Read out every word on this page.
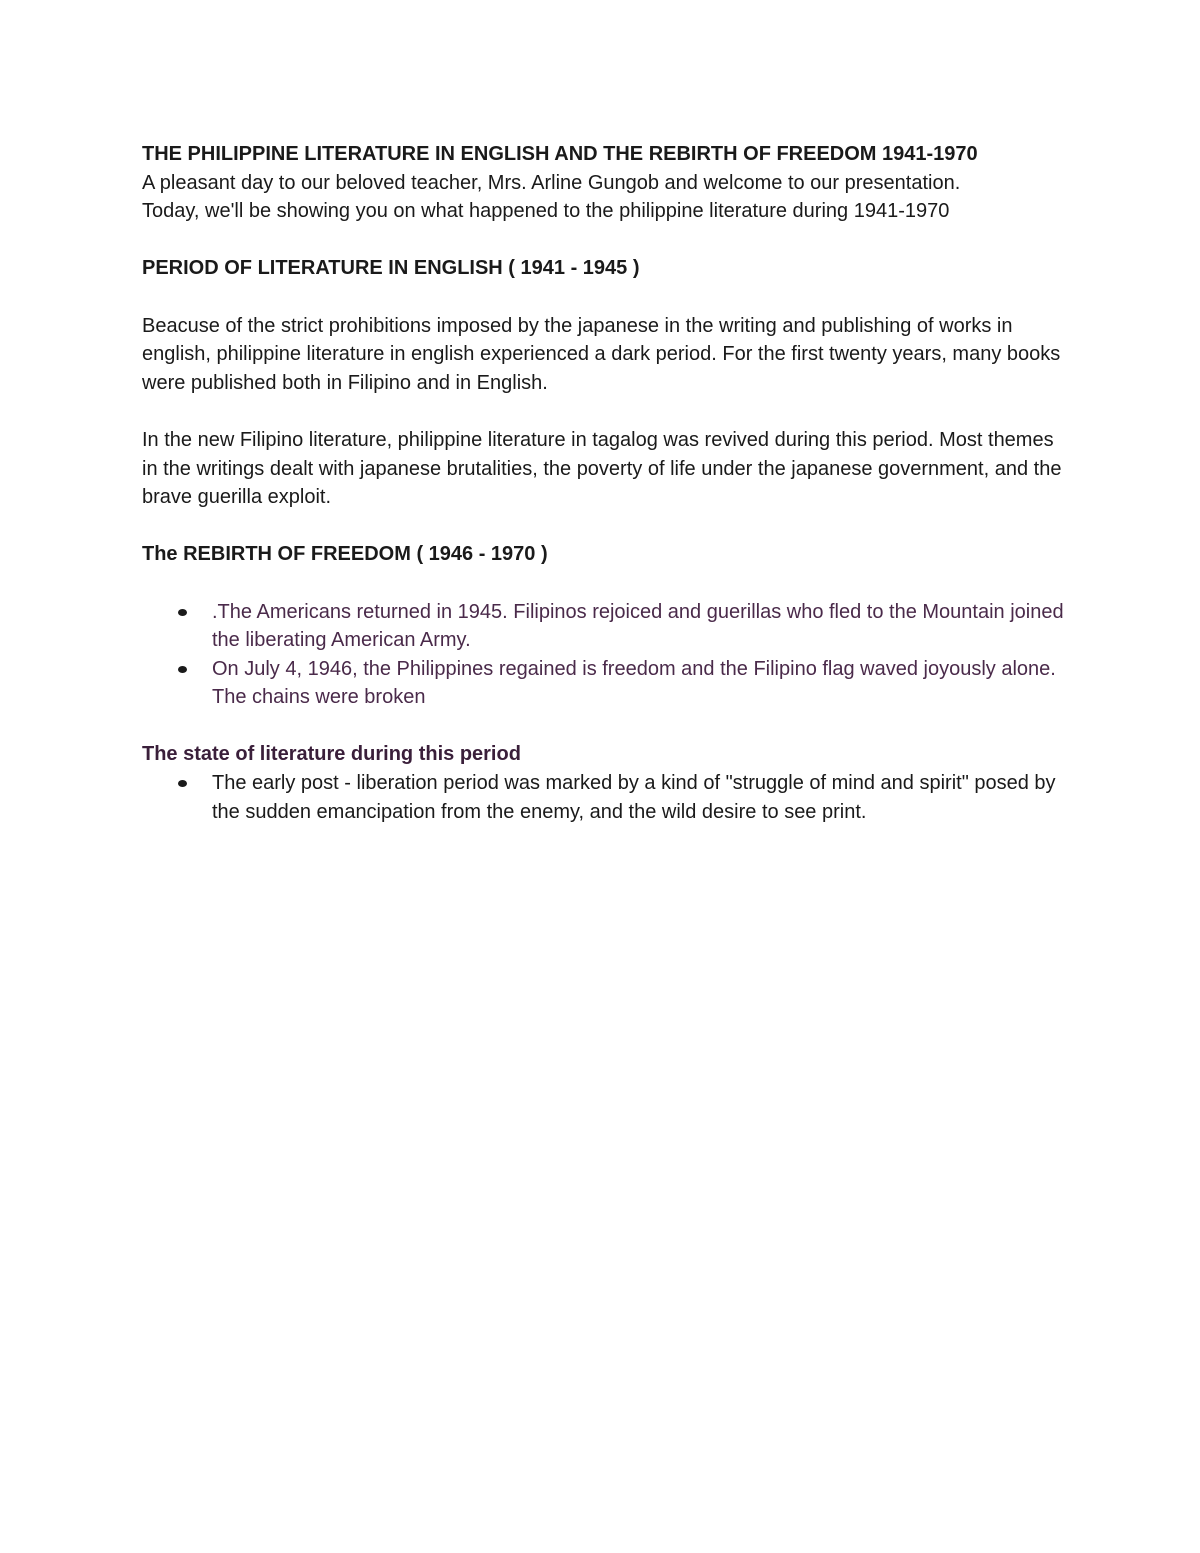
THE PHILIPPINE LITERATURE IN ENGLISH AND THE REBIRTH OF FREEDOM 1941-1970

A pleasant day to our beloved teacher, Mrs. Arline Gungob and welcome to our presentation.

Today, we'll be showing you on what happened to the philippine literature during 1941-1970

PERIOD OF LITERATURE IN ENGLISH ( 1941 - 1945 )

Beacuse of the strict prohibitions imposed by the japanese in the writing and publishing of works in english, philippine literature in english experienced a dark period. For the first twenty years, many books were published both in Filipino and in English.

In the new Filipino literature, philippine literature in tagalog was revived during this period. Most themes in the writings dealt with japanese brutalities, the poverty of life under the japanese government, and the brave guerilla exploit.

The REBIRTH OF FREEDOM ( 1946 - 1970 )

.The Americans returned in 1945. Filipinos rejoiced and guerillas who fled to the Mountain joined the liberating American Army.
On July 4, 1946, the Philippines regained is freedom and the Filipino flag waved joyously alone. The chains were broken

The state of literature during this period

The early post - liberation period was marked by a kind of "struggle of mind and spirit" posed by the sudden emancipation from the enemy, and the wild desire to see print.
